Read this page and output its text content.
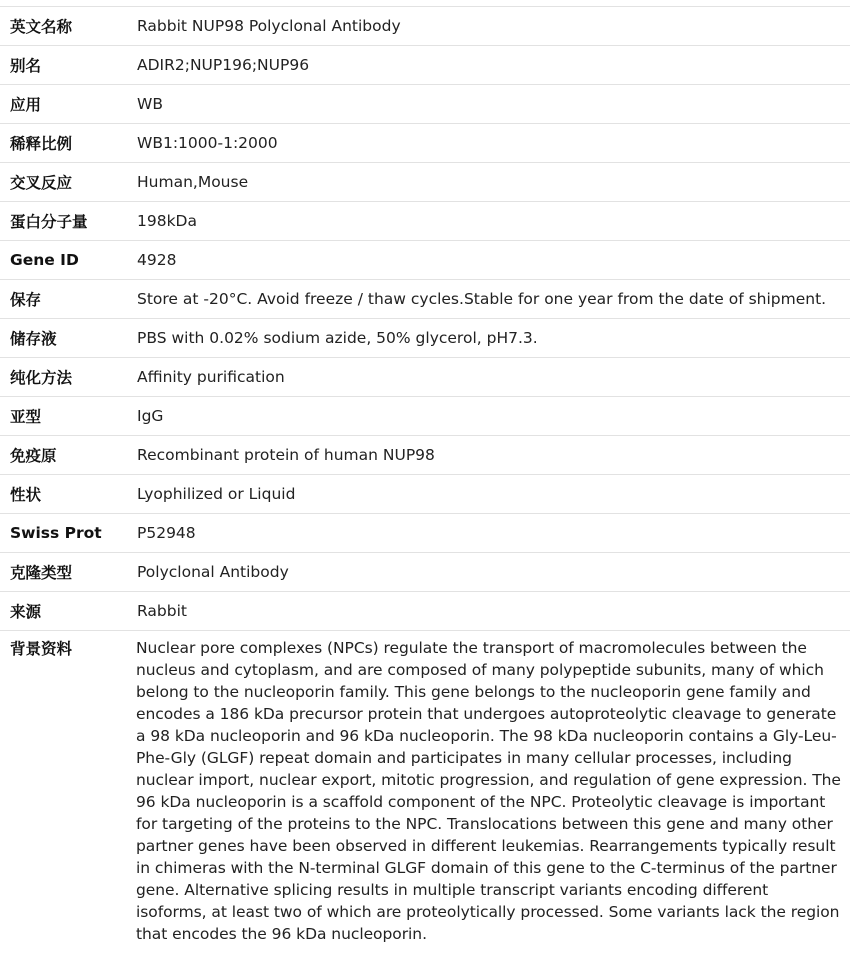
英文名称	Rabbit NUP98 Polyclonal Antibody
别名	ADIR2;NUP196;NUP96
应用	WB
稀释比例	WB1:1000-1:2000
交叉反应	Human,Mouse
蛋白分子量	198kDa
Gene ID	4928
保存	Store at -20°C. Avoid freeze / thaw cycles.Stable for one year from the date of shipment.
储存液	PBS with 0.02% sodium azide, 50% glycerol, pH7.3.
纯化方法	Affinity purification
亚型	IgG
免疫原	Recombinant protein of human NUP98
性状	Lyophilized or Liquid
Swiss Prot	P52948
克隆类型	Polyclonal Antibody
来源	Rabbit
背景资料	Nuclear pore complexes (NPCs) regulate the transport of macromolecules between the nucleus and cytoplasm, and are composed of many polypeptide subunits, many of which belong to the nucleoporin family. This gene belongs to the nucleoporin gene family and encodes a 186 kDa precursor protein that undergoes autoproteolytic cleavage to generate a 98 kDa nucleoporin and 96 kDa nucleoporin. The 98 kDa nucleoporin contains a Gly-Leu-Phe-Gly (GLGF) repeat domain and participates in many cellular processes, including nuclear import, nuclear export, mitotic progression, and regulation of gene expression. The 96 kDa nucleoporin is a scaffold component of the NPC. Proteolytic cleavage is important for targeting of the proteins to the NPC. Translocations between this gene and many other partner genes have been observed in different leukemias. Rearrangements typically result in chimeras with the N-terminal GLGF domain of this gene to the C-terminus of the partner gene. Alternative splicing results in multiple transcript variants encoding different isoforms, at least two of which are proteolytically processed. Some variants lack the region that encodes the 96 kDa nucleoporin.
